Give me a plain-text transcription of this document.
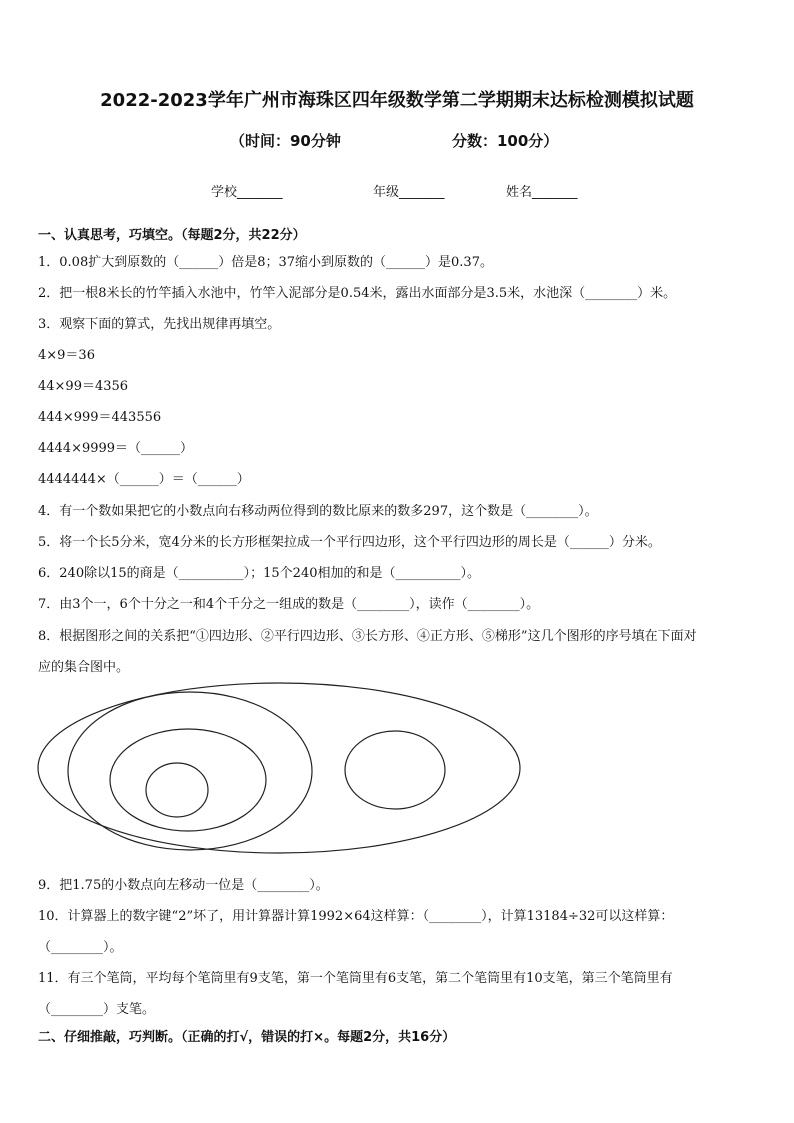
2022-2023学年广州市海珠区四年级数学第二学期期末达标检测模拟试题
（时间：90分钟	分数：100分）
学校_______	年级_______	姓名_______
一、认真思考，巧填空。（每题2分，共22分）
1．0.08扩大到原数的（______）倍是8；37缩小到原数的（______）是0.37。
2．把一根8米长的竹竿插入水池中，竹竿入泥部分是0.54米，露出水面部分是3.5米，水池深（________）米。
3．观察下面的算式，先找出规律再填空。
4×9＝36
44×99＝4356
444×999＝443556
4444×9999＝（______）
4444444×（______）＝（______）
4．有一个数如果把它的小数点向右移动两位得到的数比原来的数多297，这个数是（________）。
5．将一个长5分米，宽4分米的长方形框架拉成一个平行四边形，这个平行四边形的周长是（______）分米。
6．240除以15的商是（__________）；15个240相加的和是（__________）。
7．由3个一，6个十分之一和4个千分之一组成的数是（________），读作（________）。
8．根据图形之间的关系把“①四边形、②平行四边形、③长方形、④正方形、⑤梯形”这几个图形的序号填在下面对
应的集合图中。
9．把1.75的小数点向左移动一位是（________）。
10．计算器上的数字键“2”坏了，用计算器计算1992×64这样算：（________），计算13184÷32可以这样算：
（________）。
11．有三个笔筒，平均每个笔筒里有9支笔，第一个笔筒里有6支笔，第二个笔筒里有10支笔，第三个笔筒里有
（________）支笔。
二、仔细推敲，巧判断。（正确的打√，错误的打×。每题2分，共16分）
